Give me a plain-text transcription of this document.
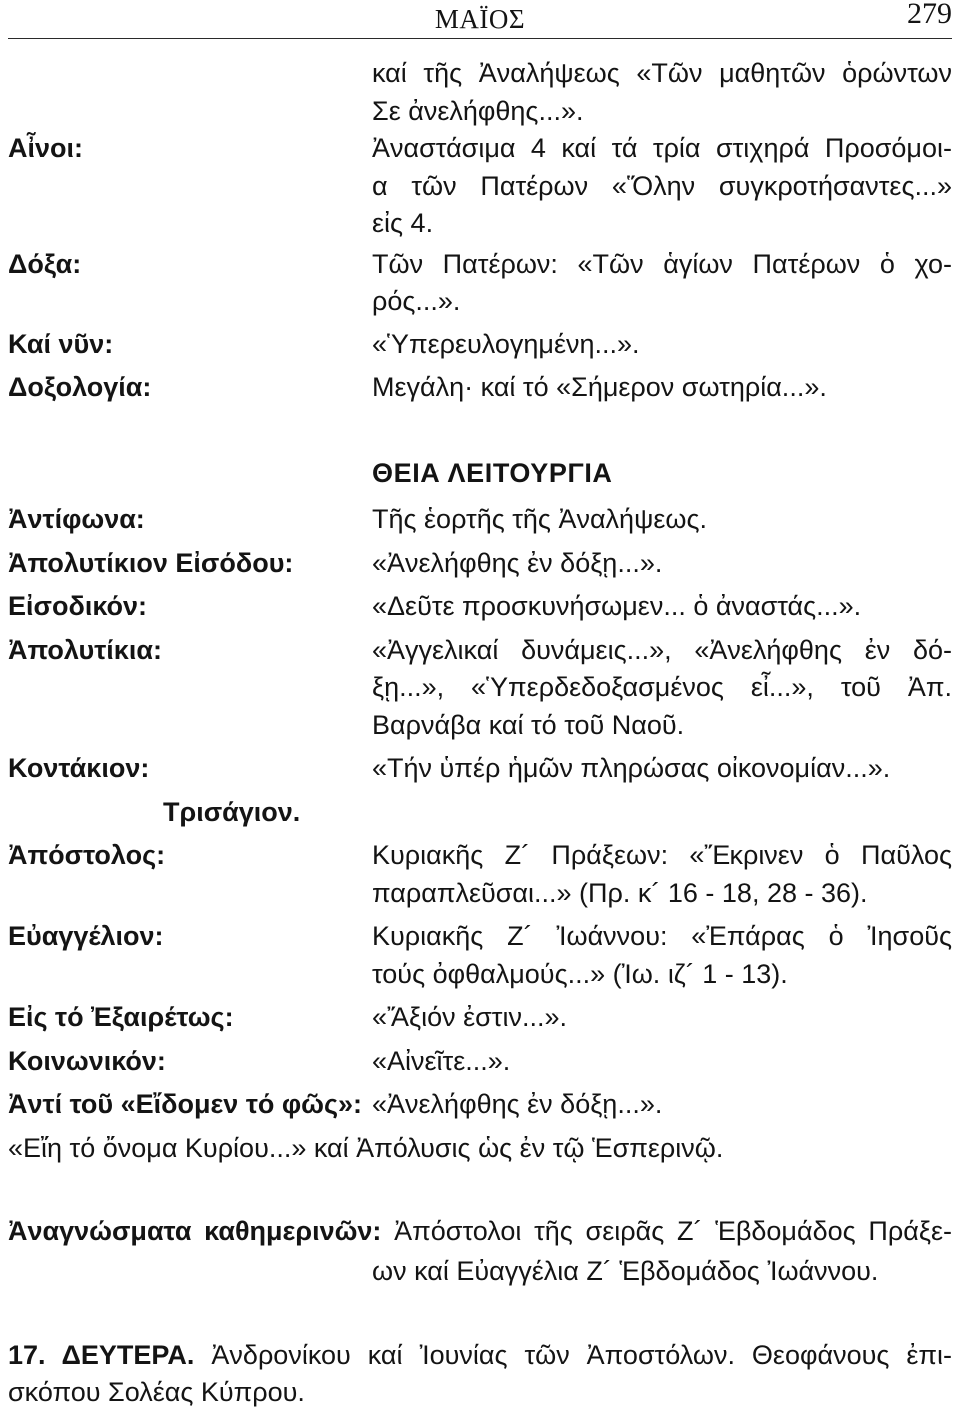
ΜΑΪΟΣ	279
καί τῆς Ἀναλήψεως «Τῶν μαθητῶν ὁρώντων
Σε ἀνελήφθης...».
Αἶνοι:	Ἀναστάσιμα 4 καί τά τρία στιχηρά Προσόμοι-
α τῶν Πατέρων «Ὅλην συγκροτήσαντες...»
εἰς 4.
Δόξα:	Τῶν Πατέρων: «Τῶν ἁγίων Πατέρων ὁ χο-
ρός...».
Καί νῦν:	«Ὑπερευλογημένη...».
Δοξολογία:	Μεγάλη· καί τό «Σήμερον σωτηρία...».
ΘΕΙΑ ΛΕΙΤΟΥΡΓΙΑ
Ἀντίφωνα:	Τῆς ἑορτῆς τῆς Ἀναλήψεως.
Ἀπολυτίκιον Εἰσόδου:	«Ἀνελήφθης ἐν δόξῃ...».
Εἰσοδικόν:	«Δεῦτε προσκυνήσωμεν... ὁ ἀναστάς...».
Ἀπολυτίκια:	«Ἀγγελικαί δυνάμεις...», «Ἀνελήφθης ἐν δό-
ξῃ...», «Ὑπερδεδοξασμένος εἶ...», τοῦ Ἀπ.
Βαρνάβα καί τό τοῦ Ναοῦ.
Κοντάκιον:	«Τήν ὑπέρ ἡμῶν πληρώσας οἰκονομίαν...».
Τρισάγιον.
Ἀπόστολος:	Κυριακῆς Ζ´ Πράξεων: «Ἔκρινεν ὁ Παῦλος
παραπλεῦσαι...» (Πρ. κ´ 16 - 18, 28 - 36).
Εὐαγγέλιον:	Κυριακῆς Ζ´ Ἰωάννου: «Ἐπάρας ὁ Ἰησοῦς
τούς ὀφθαλμούς...» (Ἰω. ιζ´ 1 - 13).
Εἰς τό Ἐξαιρέτως:	«Ἄξιόν ἐστιν...».
Κοινωνικόν:	«Αἰνεῖτε...».
Ἀντί τοῦ «Εἴδομεν τό φῶς»: «Ἀνελήφθης ἐν δόξῃ...».
«Εἴη τό ὄνομα Κυρίου...» καί Ἀπόλυσις ὡς ἐν τῷ Ἑσπερινῷ.
Ἀναγνώσματα καθημερινῶν: Ἀπόστολοι τῆς σειρᾶς Ζ´ Ἑβδομάδος Πράξε-
ων καί Εὐαγγέλια Ζ´ Ἑβδομάδος Ἰωάννου.
17. ΔΕΥΤΕΡΑ. Ἀνδρονίκου καί Ἰουνίας τῶν Ἀποστόλων. Θεοφάνους ἐπι-
σκόπου Σολέας Κύπρου.
